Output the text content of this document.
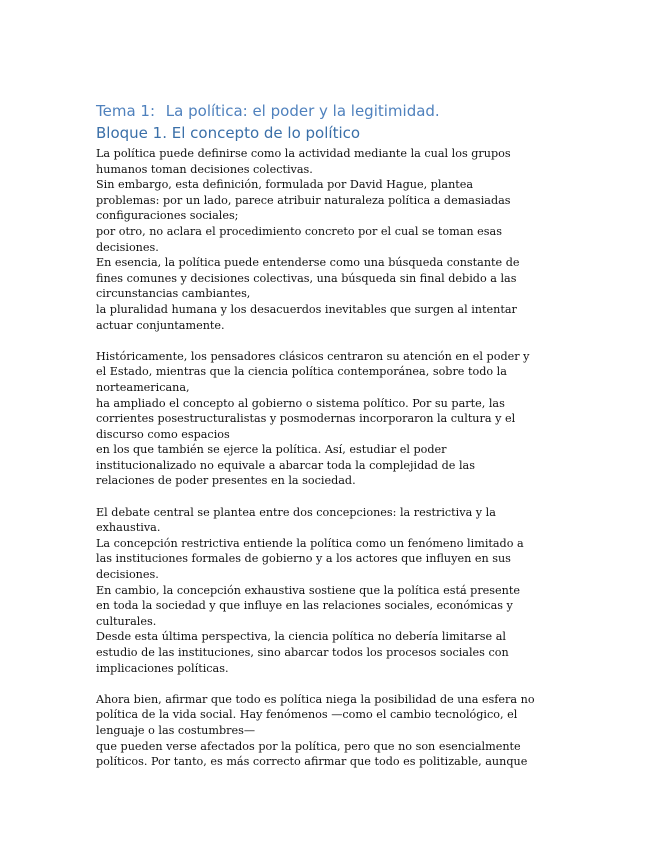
Tema 1: La política: el poder y la legitimidad.
Bloque 1. El concepto de lo político

La política puede definirse como la actividad mediante la cual los grupos
humanos toman decisiones colectivas.
Sin embargo, esta definición, formulada por David Hague, plantea
problemas: por un lado, parece atribuir naturaleza política a demasiadas
configuraciones sociales;
por otro, no aclara el procedimiento concreto por el cual se toman esas
decisiones.
En esencia, la política puede entenderse como una búsqueda constante de
fines comunes y decisiones colectivas, una búsqueda sin final debido a las
circunstancias cambiantes,
la pluralidad humana y los desacuerdos inevitables que surgen al intentar
actuar conjuntamente.

Históricamente, los pensadores clásicos centraron su atención en el poder y
el Estado, mientras que la ciencia política contemporánea, sobre todo la
norteamericana,
ha ampliado el concepto al gobierno o sistema político. Por su parte, las
corrientes posestructuralistas y posmodernas incorporaron la cultura y el
discurso como espacios
en los que también se ejerce la política. Así, estudiar el poder
institucionalizado no equivale a abarcar toda la complejidad de las
relaciones de poder presentes en la sociedad.

El debate central se plantea entre dos concepciones: la restrictiva y la
exhaustiva.
La concepción restrictiva entiende la política como un fenómeno limitado a
las instituciones formales de gobierno y a los actores que influyen en sus
decisiones.
En cambio, la concepción exhaustiva sostiene que la política está presente
en toda la sociedad y que influye en las relaciones sociales, económicas y
culturales.
Desde esta última perspectiva, la ciencia política no debería limitarse al
estudio de las instituciones, sino abarcar todos los procesos sociales con
implicaciones políticas.

Ahora bien, afirmar que todo es política niega la posibilidad de una esfera no
política de la vida social. Hay fenómenos —como el cambio tecnológico, el
lenguaje o las costumbres—
que pueden verse afectados por la política, pero que no son esencialmente
políticos. Por tanto, es más correcto afirmar que todo es politizable, aunque
